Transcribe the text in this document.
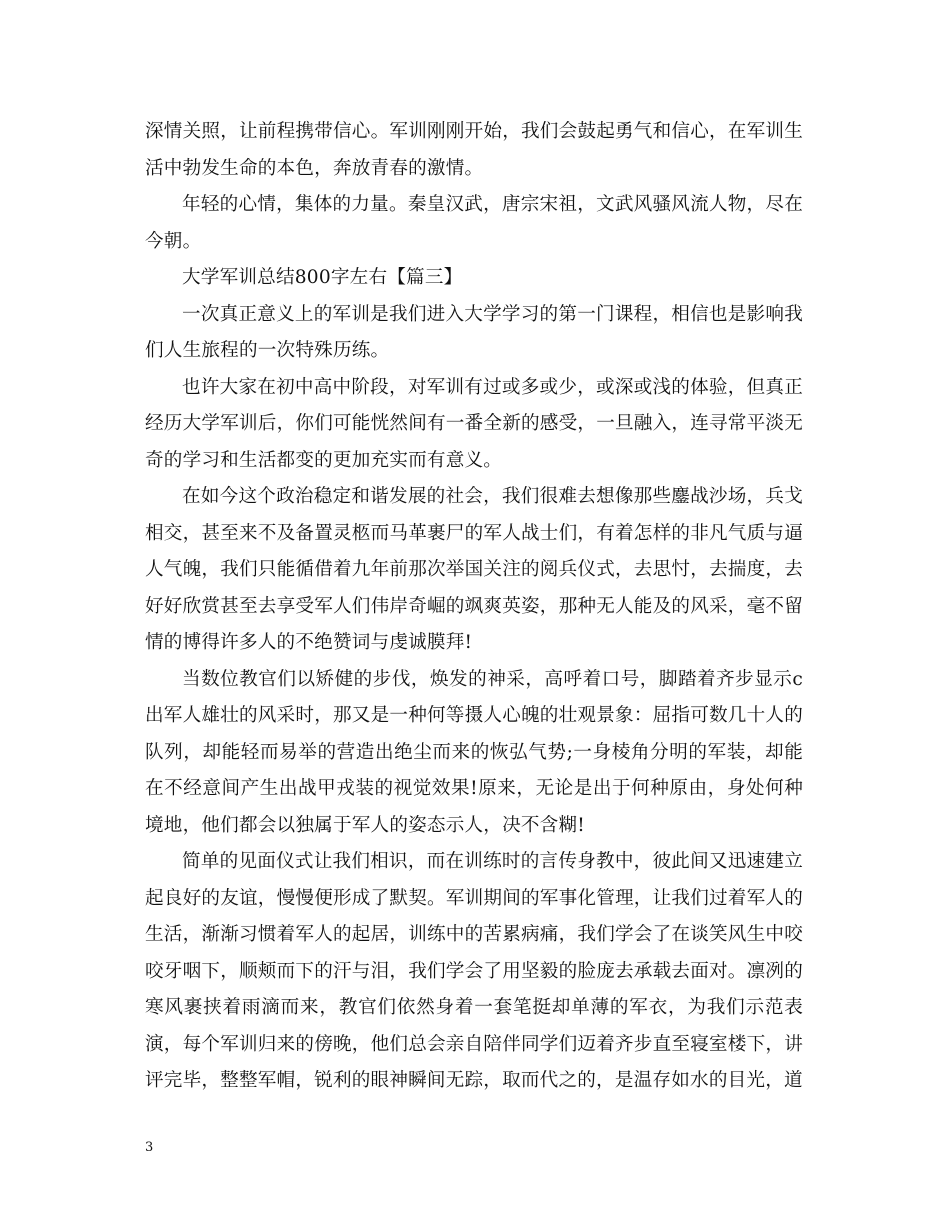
深情关照，让前程携带信心。军训刚刚开始，我们会鼓起勇气和信心，在军训生活中勃发生命的本色，奔放青春的激情。

年轻的心情，集体的力量。秦皇汉武，唐宗宋祖，文武风骚风流人物，尽在今朝。

大学军训总结800字左右【篇三】

一次真正意义上的军训是我们进入大学学习的第一门课程，相信也是影响我们人生旅程的一次特殊历练。

也许大家在初中高中阶段，对军训有过或多或少，或深或浅的体验，但真正经历大学军训后，你们可能恍然间有一番全新的感受，一旦融入，连寻常平淡无奇的学习和生活都变的更加充实而有意义。

在如今这个政治稳定和谐发展的社会，我们很难去想像那些鏖战沙场，兵戈相交，甚至来不及备置灵柩而马革裹尸的军人战士们，有着怎样的非凡气质与逼人气魄，我们只能循借着九年前那次举国关注的阅兵仪式，去思忖，去揣度，去好好欣赏甚至去享受军人们伟岸奇崛的飒爽英姿，那种无人能及的风采，毫不留情的博得许多人的不绝赞词与虔诚膜拜!

当数位教官们以矫健的步伐，焕发的神采，高呼着口号，脚踏着齐步显示c出军人雄壮的风采时，那又是一种何等摄人心魄的壮观景象：屈指可数几十人的队列，却能轻而易举的营造出绝尘而来的恢弘气势;一身棱角分明的军装，却能在不经意间产生出战甲戎装的视觉效果!原来，无论是出于何种原由，身处何种境地，他们都会以独属于军人的姿态示人，决不含糊!

简单的见面仪式让我们相识，而在训练时的言传身教中，彼此间又迅速建立起良好的友谊，慢慢便形成了默契。军训期间的军事化管理，让我们过着军人的生活，渐渐习惯着军人的起居，训练中的苦累病痛，我们学会了在谈笑风生中咬咬牙咽下，顺颊而下的汗与泪，我们学会了用坚毅的脸庞去承载去面对。凛冽的寒风裹挟着雨滴而来，教官们依然身着一套笔挺却单薄的军衣，为我们示范表演，每个军训归来的傍晚，他们总会亲自陪伴同学们迈着齐步直至寝室楼下，讲评完毕，整整军帽，锐利的眼神瞬间无踪，取而代之的，是温存如水的目光，道

3
